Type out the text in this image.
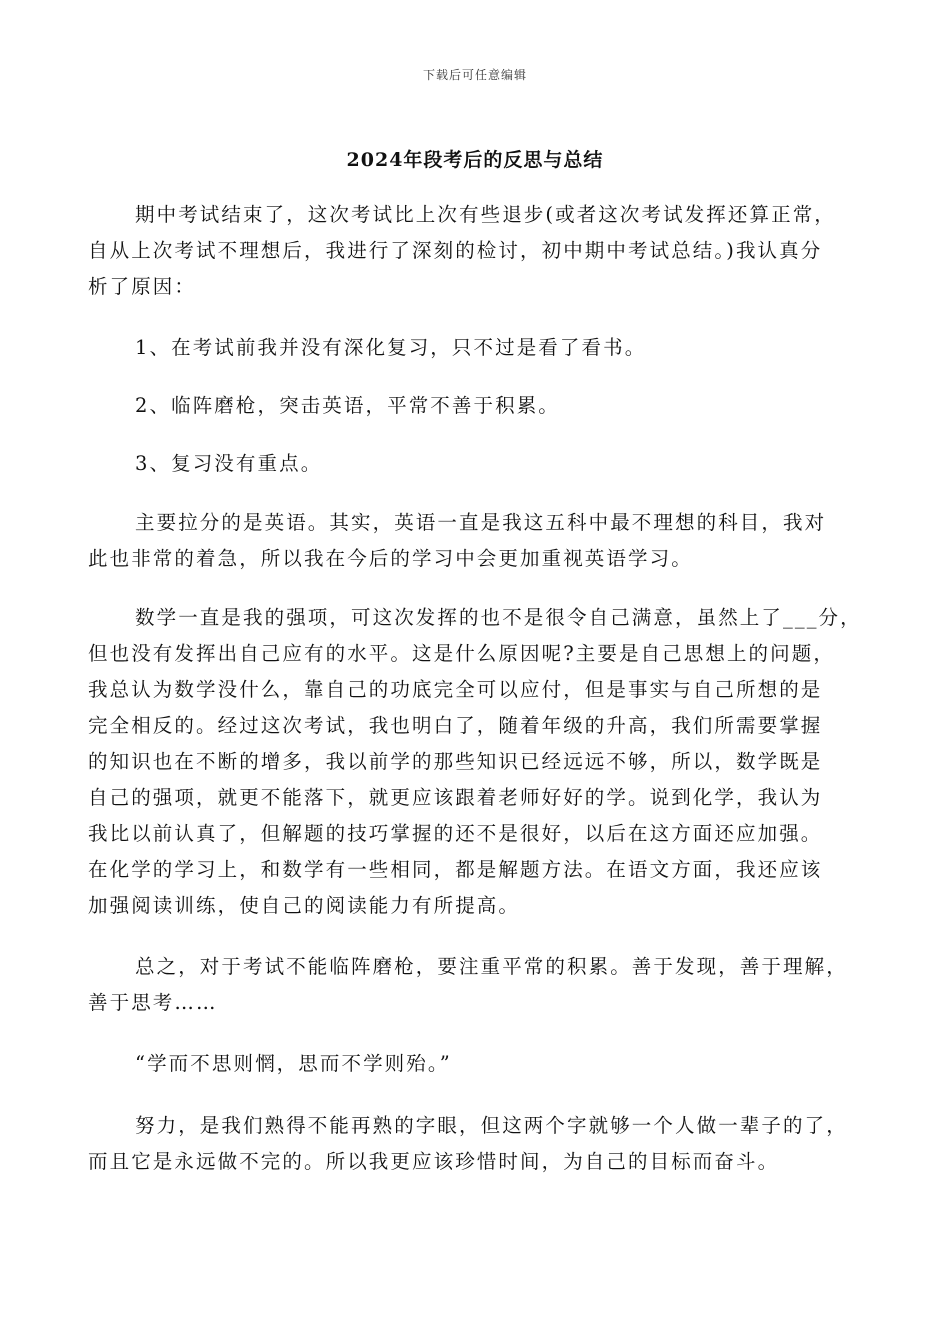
下载后可任意编辑
2024年段考后的反思与总结
期中考试结束了，这次考试比上次有些退步(或者这次考试发挥还算正常，
自从上次考试不理想后，我进行了深刻的检讨，初中期中考试总结。)我认真分
析了原因：
1、在考试前我并没有深化复习，只不过是看了看书。
2、临阵磨枪，突击英语，平常不善于积累。
3、复习没有重点。
主要拉分的是英语。其实，英语一直是我这五科中最不理想的科目，我对
此也非常的着急，所以我在今后的学习中会更加重视英语学习。
数学一直是我的强项，可这次发挥的也不是很令自己满意，虽然上了___分，
但也没有发挥出自己应有的水平。这是什么原因呢?主要是自己思想上的问题，
我总认为数学没什么，靠自己的功底完全可以应付，但是事实与自己所想的是
完全相反的。经过这次考试，我也明白了，随着年级的升高，我们所需要掌握
的知识也在不断的增多，我以前学的那些知识已经远远不够，所以，数学既是
自己的强项，就更不能落下，就更应该跟着老师好好的学。说到化学，我认为
我比以前认真了，但解题的技巧掌握的还不是很好，以后在这方面还应加强。
在化学的学习上，和数学有一些相同，都是解题方法。在语文方面，我还应该
加强阅读训练，使自己的阅读能力有所提高。
总之，对于考试不能临阵磨枪，要注重平常的积累。善于发现，善于理解，
善于思考……
“学而不思则惘，思而不学则殆。”
努力，是我们熟得不能再熟的字眼，但这两个字就够一个人做一辈子的了，
而且它是永远做不完的。所以我更应该珍惜时间，为自己的目标而奋斗。
